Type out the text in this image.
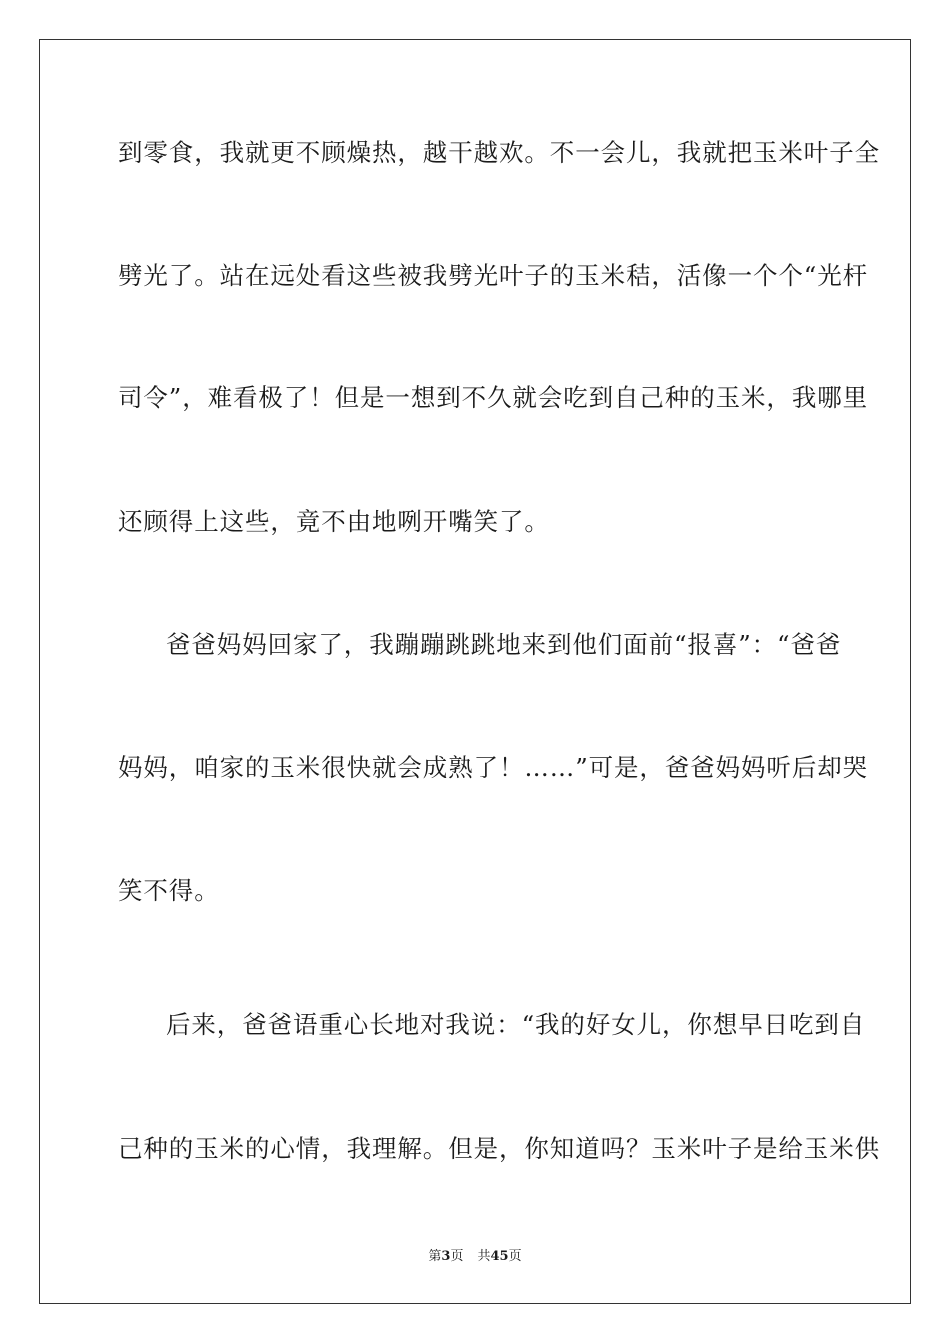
到零食，我就更不顾燥热，越干越欢。不一会儿，我就把玉米叶子全
劈光了。站在远处看这些被我劈光叶子的玉米秸，活像一个个“光杆
司令”，难看极了！但是一想到不久就会吃到自己种的玉米，我哪里
还顾得上这些，竟不由地咧开嘴笑了。
爸爸妈妈回家了，我蹦蹦跳跳地来到他们面前“报喜”：“爸爸
妈妈，咱家的玉米很快就会成熟了！……”可是，爸爸妈妈听后却哭
笑不得。
后来，爸爸语重心长地对我说：“我的好女儿，你想早日吃到自
己种的玉米的心情，我理解。但是，你知道吗？玉米叶子是给玉米供
第3页 共45页
